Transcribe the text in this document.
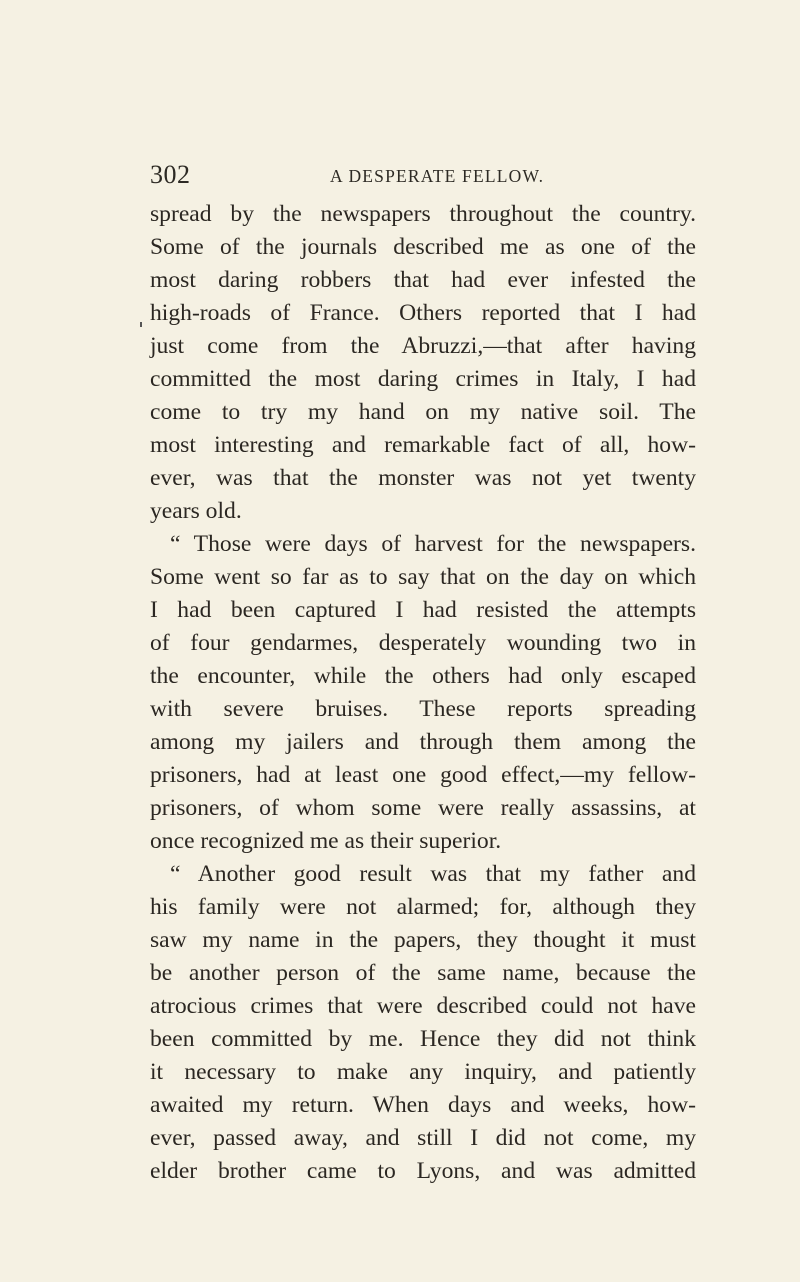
302	A DESPERATE FELLOW.
spread by the newspapers throughout the country.
Some of the journals described me as one of the
most daring robbers that had ever infested the
high-roads of France. Others reported that I had
just come from the Abruzzi,—that after having
committed the most daring crimes in Italy, I had
come to try my hand on my native soil. The
most interesting and remarkable fact of all, how-
ever, was that the monster was not yet twenty
years old.
“ Those were days of harvest for the newspapers.
Some went so far as to say that on the day on which
I had been captured I had resisted the attempts
of four gendarmes, desperately wounding two in
the encounter, while the others had only escaped
with severe bruises. These reports spreading
among my jailers and through them among the
prisoners, had at least one good effect,—my fellow-
prisoners, of whom some were really assassins, at
once recognized me as their superior.
“ Another good result was that my father and
his family were not alarmed; for, although they
saw my name in the papers, they thought it must
be another person of the same name, because the
atrocious crimes that were described could not have
been committed by me. Hence they did not think
it necessary to make any inquiry, and patiently
awaited my return. When days and weeks, how-
ever, passed away, and still I did not come, my
elder brother came to Lyons, and was admitted
